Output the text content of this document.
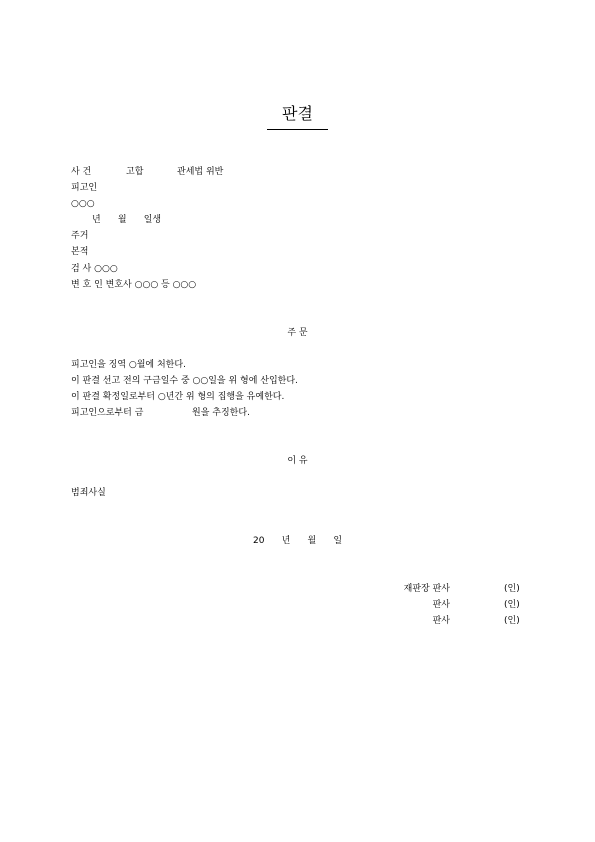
판결
사 건	고합	관세법 위반
피고인
○○○
년      월      일생
주거
본적
검 사 ○○○
변 호 인 변호사 ○○○ 등 ○○○
주 문
피고인을 징역 ○월에 처한다.
이 판결 선고 전의 구금일수 중 ○○일을 위 형에 산입한다.
이 판결 확정일로부터 ○년간 위 형의 집행을 유예한다.
피고인으로부터 금                 원을 추징한다.
이 유
범죄사실
20      년      월      일
재판장 판사	(인)
판사	(인)
판사	(인)
